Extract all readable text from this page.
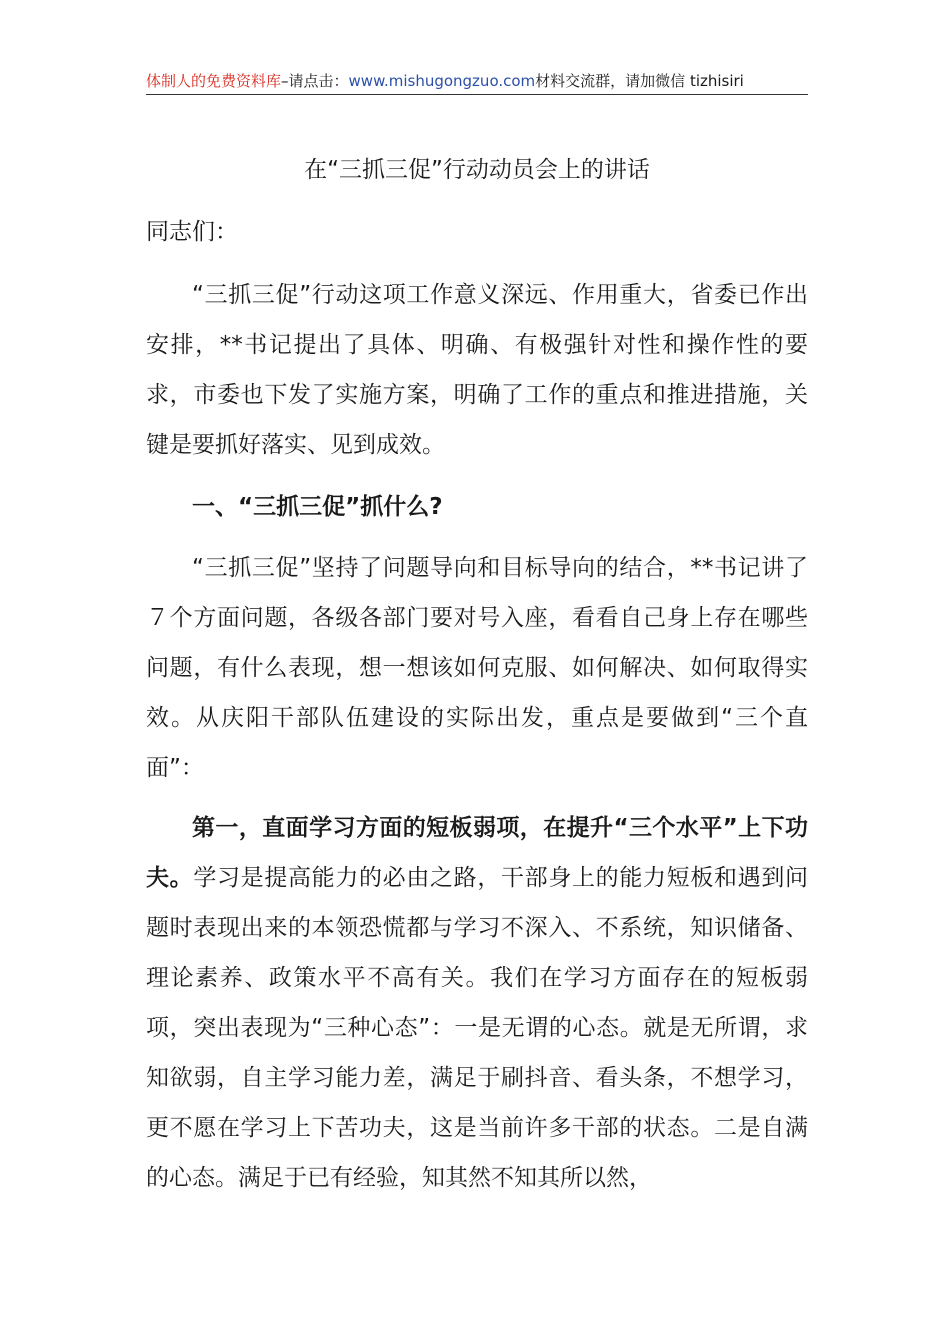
体制人的免费资料库–请点击：www.mishugongzuo.com材料交流群，请加微信 tizhisiri
在“三抓三促”行动动员会上的讲话
同志们：
“三抓三促”行动这项工作意义深远、作用重大，省委已作出安排，**书记提出了具体、明确、有极强针对性和操作性的要求，市委也下发了实施方案，明确了工作的重点和推进措施，关键是要抓好落实、见到成效。
一、“三抓三促”抓什么?
“三抓三促”坚持了问题导向和目标导向的结合，**书记讲了７个方面问题，各级各部门要对号入座，看看自己身上存在哪些问题，有什么表现，想一想该如何克服、如何解决、如何取得实效。从庆阳干部队伍建设的实际出发，重点是要做到“三个直面”：
第一，直面学习方面的短板弱项，在提升“三个水平”上下功夫。学习是提高能力的必由之路，干部身上的能力短板和遇到问题时表现出来的本领恐慌都与学习不深入、不系统，知识储备、理论素养、政策水平不高有关。我们在学习方面存在的短板弱项，突出表现为“三种心态”：一是无谓的心态。就是无所谓，求知欲弱，自主学习能力差，满足于刷抖音、看头条，不想学习，更不愿在学习上下苦功夫，这是当前许多干部的状态。二是自满的心态。满足于已有经验，知其然不知其所以然，
